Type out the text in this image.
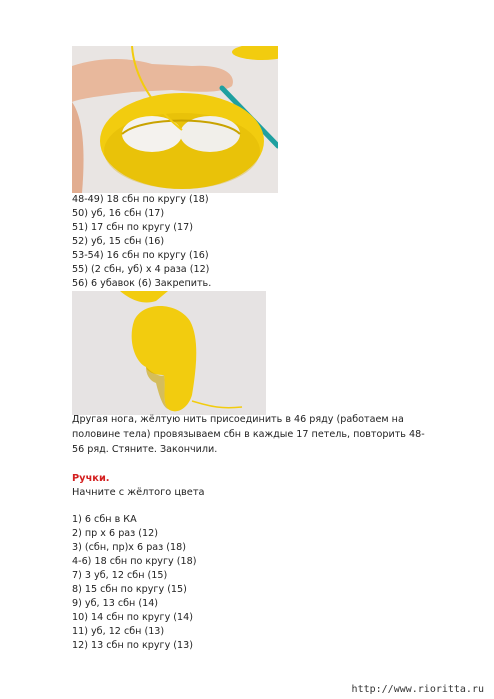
48-49) 18 сбн по кругу (18)
50) уб, 16 сбн (17)
51) 17 сбн по кругу (17)
52) уб, 15 сбн (16)
53-54) 16 сбн по кругу (16)
55) (2 сбн, уб) х 4 раза (12)
56) 6 убавок (6) Закрепить.
Другая нога, жёлтую нить присоединить в 46 ряду (работаем на половине тела) провязываем сбн в каждые 17 петель, повторить 48-56 ряд. Стяните. Закончили.
Ручки.
Начните с жёлтого цвета
1) 6 сбн в КА
2) пр х 6 раз (12)
3) (сбн, пр)х 6 раз (18)
4-6) 18 сбн по кругу (18)
7) 3 уб, 12 сбн (15)
8) 15 сбн по кругу (15)
9) уб, 13 сбн (14)
10) 14 сбн по кругу (14)
11) уб, 12 сбн (13)
12) 13 сбн по кругу (13)
http://www.rioritta.ru
